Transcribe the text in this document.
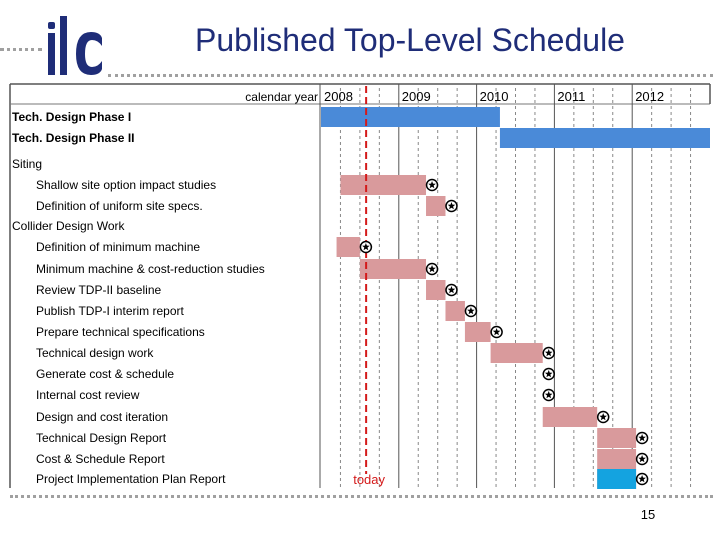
Published Top-Level Schedule
calendar year 2008	2009	2010	2011	2012
today
Tech. Design Phase I
Tech. Design Phase II
Siting
Shallow site option impact studies
Definition of uniform site specs.
Collider Design Work
Definition of minimum machine
Minimum machine & cost-reduction studies
Review TDP-II baseline
Publish TDP-I interim report
Prepare technical specifications
Technical design work
Generate cost & schedule
Internal cost review
Design and cost iteration
Technical Design Report
Cost & Schedule Report
Project Implementation Plan Report
15
